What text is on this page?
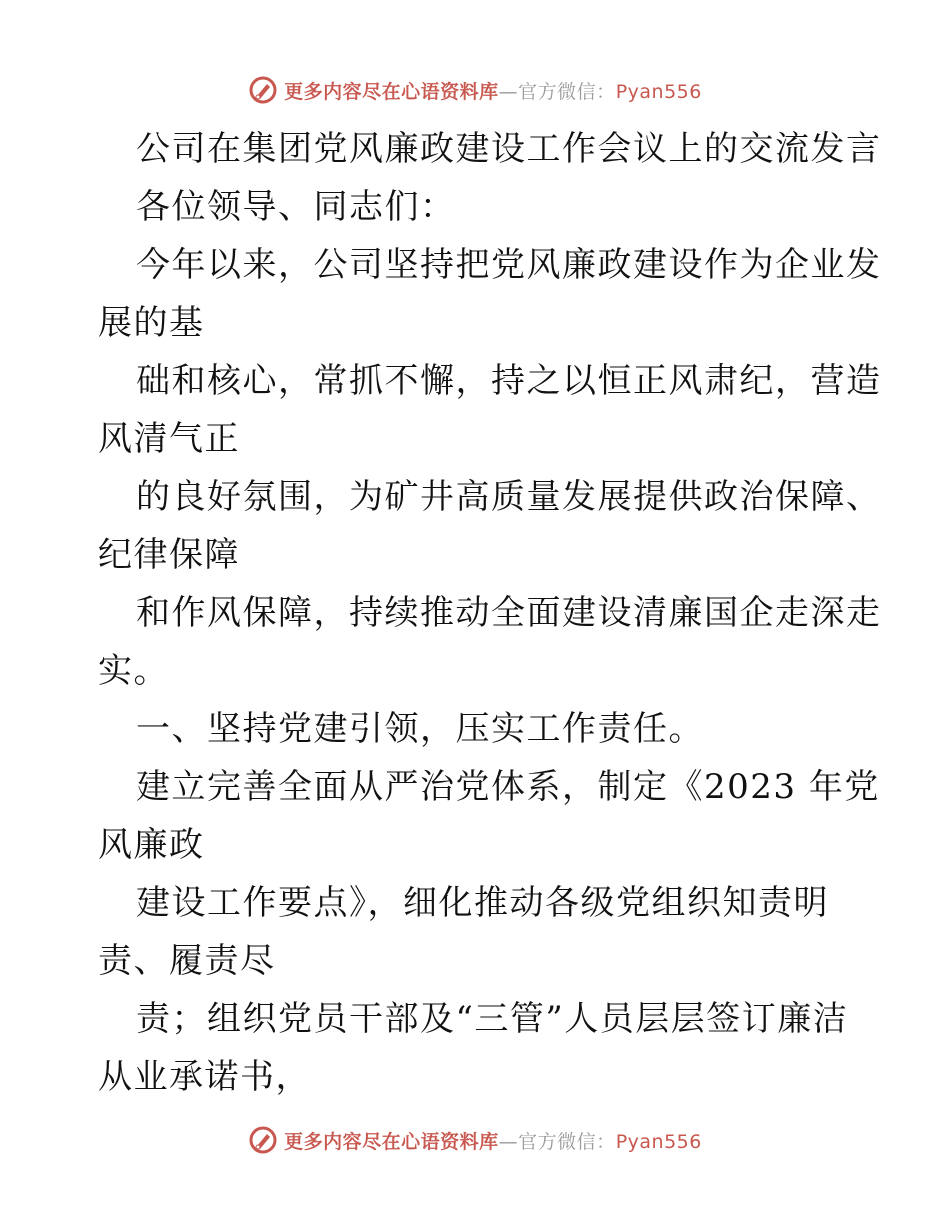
更多内容尽在心语资料库—官方微信：Pyan556
公司在集团党风廉政建设工作会议上的交流发言
各位领导、同志们：
今年以来，公司坚持把党风廉政建设作为企业发
展的基
础和核心，常抓不懈，持之以恒正风肃纪，营造
风清气正
的良好氛围，为矿井高质量发展提供政治保障、
纪律保障
和作风保障，持续推动全面建设清廉国企走深走
实。
一、坚持党建引领，压实工作责任。
建立完善全面从严治党体系，制定《2023 年党
风廉政
建设工作要点》，细化推动各级党组织知责明
责、履责尽
责；组织党员干部及“三管”人员层层签订廉洁
从业承诺书，
更多内容尽在心语资料库—官方微信：Pyan556
